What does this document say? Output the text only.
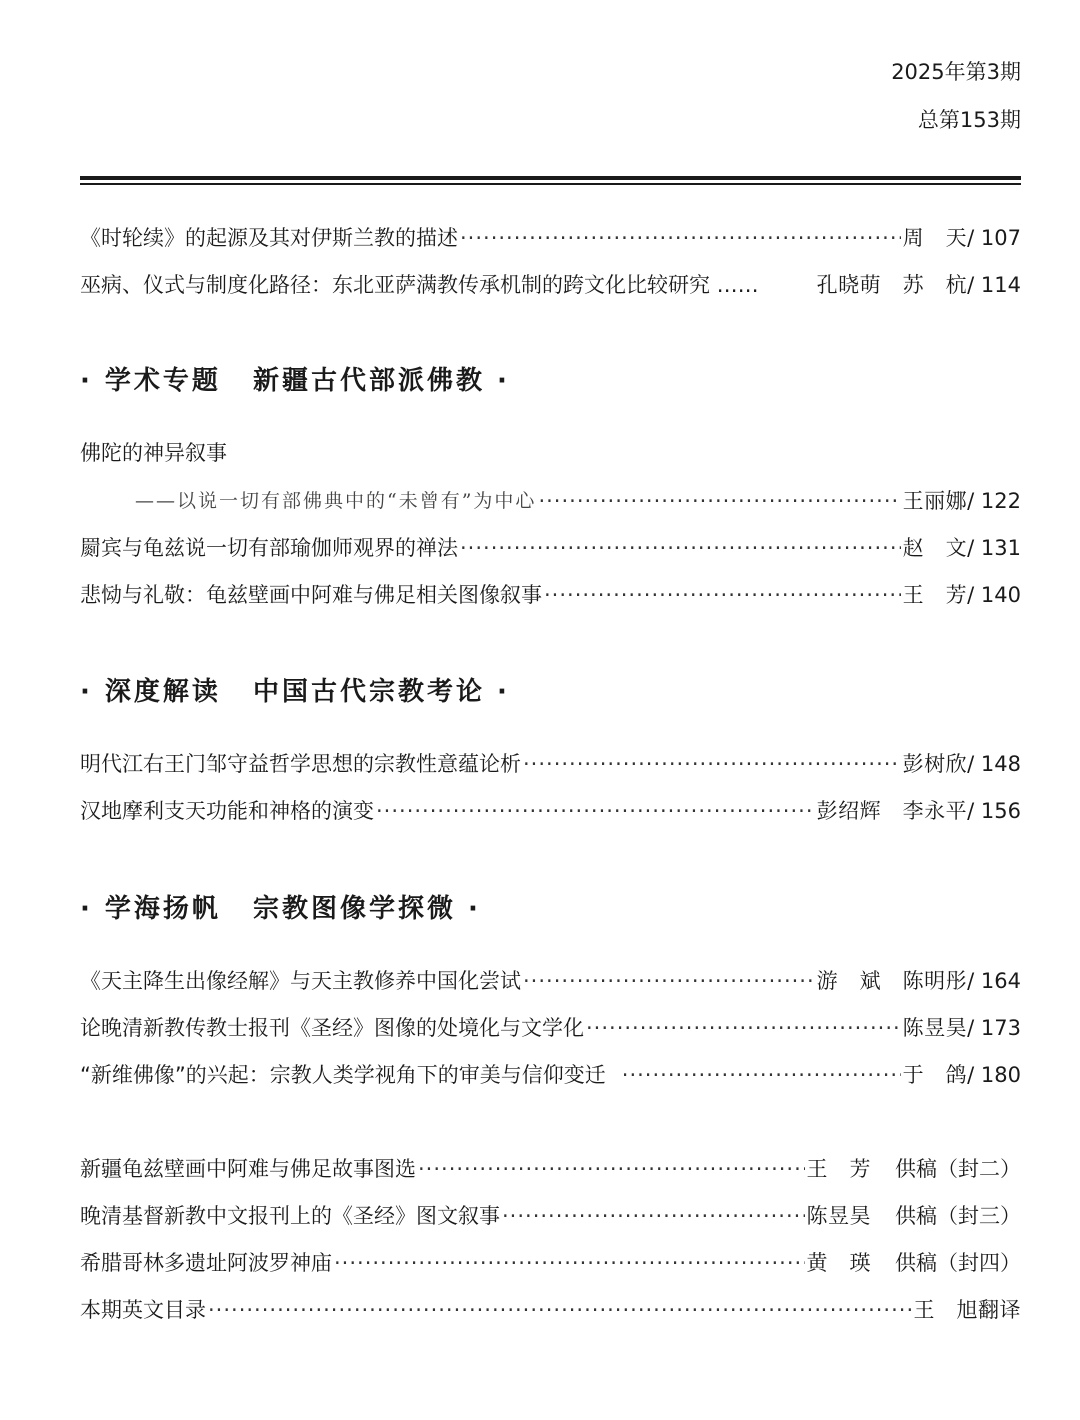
2025年第3期
总第153期
《时轮续》的起源及其对伊斯兰教的描述 ·····	周　天 / 107
巫病、仪式与制度化路径：东北亚萨满教传承机制的跨文化比较研究 ……	孔晓萌　苏　杭 / 114
· 学术专题 新疆古代部派佛教 ·
佛陀的神异叙事
——以说一切有部佛典中的“未曾有”为中心 ·····	王丽娜 / 122
罽宾与龟兹说一切有部瑜伽师观界的禅法 ·····	赵　文 / 131
悲恸与礼敬：龟兹壁画中阿难与佛足相关图像叙事 ·····	王　芳 / 140
· 深度解读 中国古代宗教考论 ·
明代江右王门邹守益哲学思想的宗教性意蕴论析 ·····	彭树欣 / 148
汉地摩利支天功能和神格的演变 ·····	彭绍辉　李永平 / 156
· 学海扬帆 宗教图像学探微 ·
《天主降生出像经解》与天主教修养中国化尝试 ·····	游　斌　陈明彤 / 164
论晚清新教传教士报刊《圣经》图像的处境化与文学化 ·····	陈昱昊 / 173
“新维佛像”的兴起：宗教人类学视角下的审美与信仰变迁 ·····	于　鸽 / 180
新疆龟兹壁画中阿难与佛足故事图选 ·····	王　芳 供稿（封二）
晚清基督新教中文报刊上的《圣经》图文叙事 ·····	陈昱昊 供稿（封三）
希腊哥林多遗址阿波罗神庙 ·····	黄　瑛 供稿（封四）
本期英文目录 ·····	王　旭翻译
